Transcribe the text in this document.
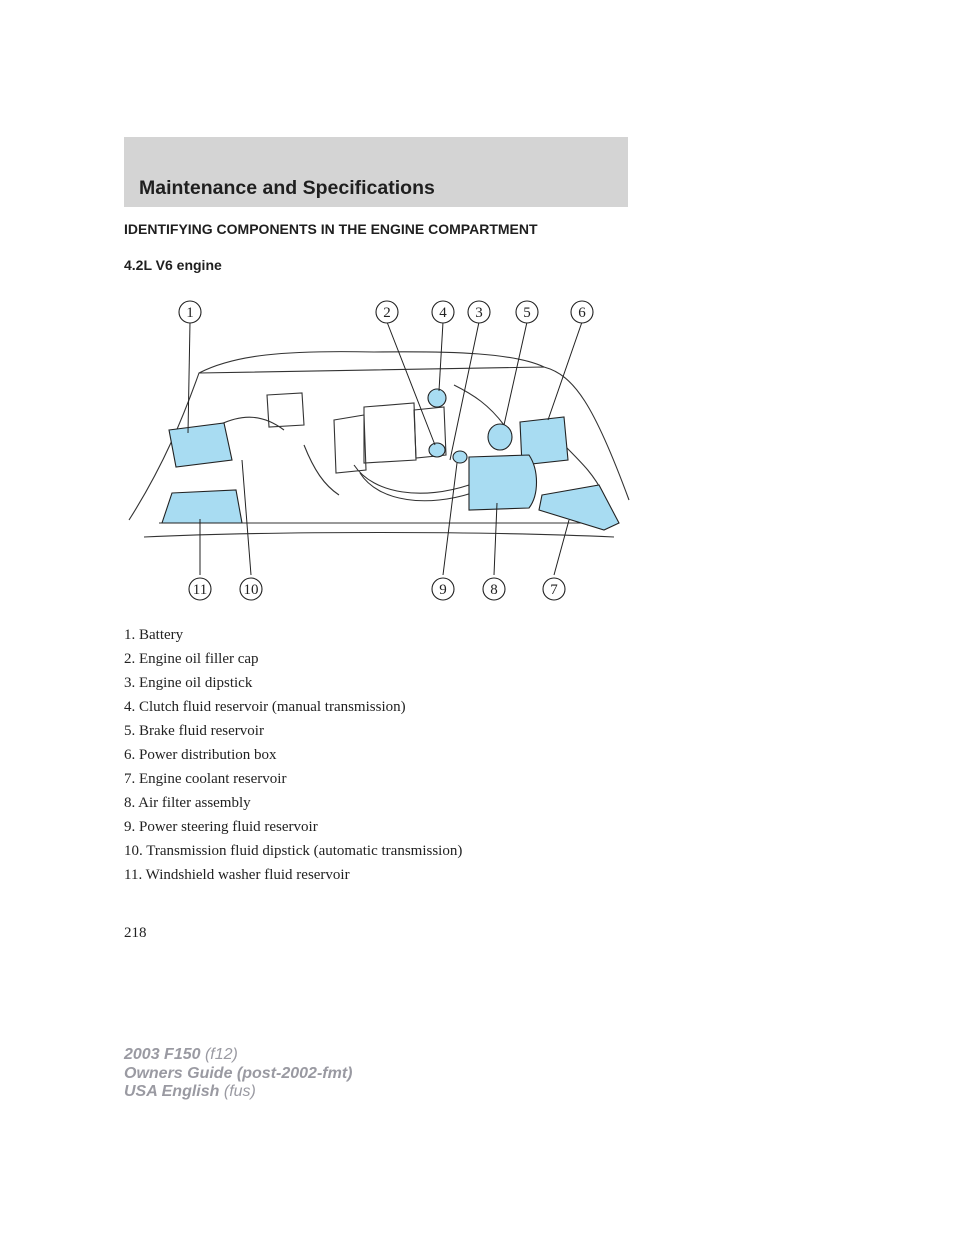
Maintenance and Specifications
IDENTIFYING COMPONENTS IN THE ENGINE COMPARTMENT
4.2L V6 engine
1	2	4 3	5	6
11 10	9	8	7
1. Battery
2. Engine oil filler cap
3. Engine oil dipstick
4. Clutch fluid reservoir (manual transmission)
5. Brake fluid reservoir
6. Power distribution box
7. Engine coolant reservoir
8. Air filter assembly
9. Power steering fluid reservoir
10. Transmission fluid dipstick (automatic transmission)
11. Windshield washer fluid reservoir
218
2003 F150 (f12)
Owners Guide (post-2002-fmt)
USA English (fus)
